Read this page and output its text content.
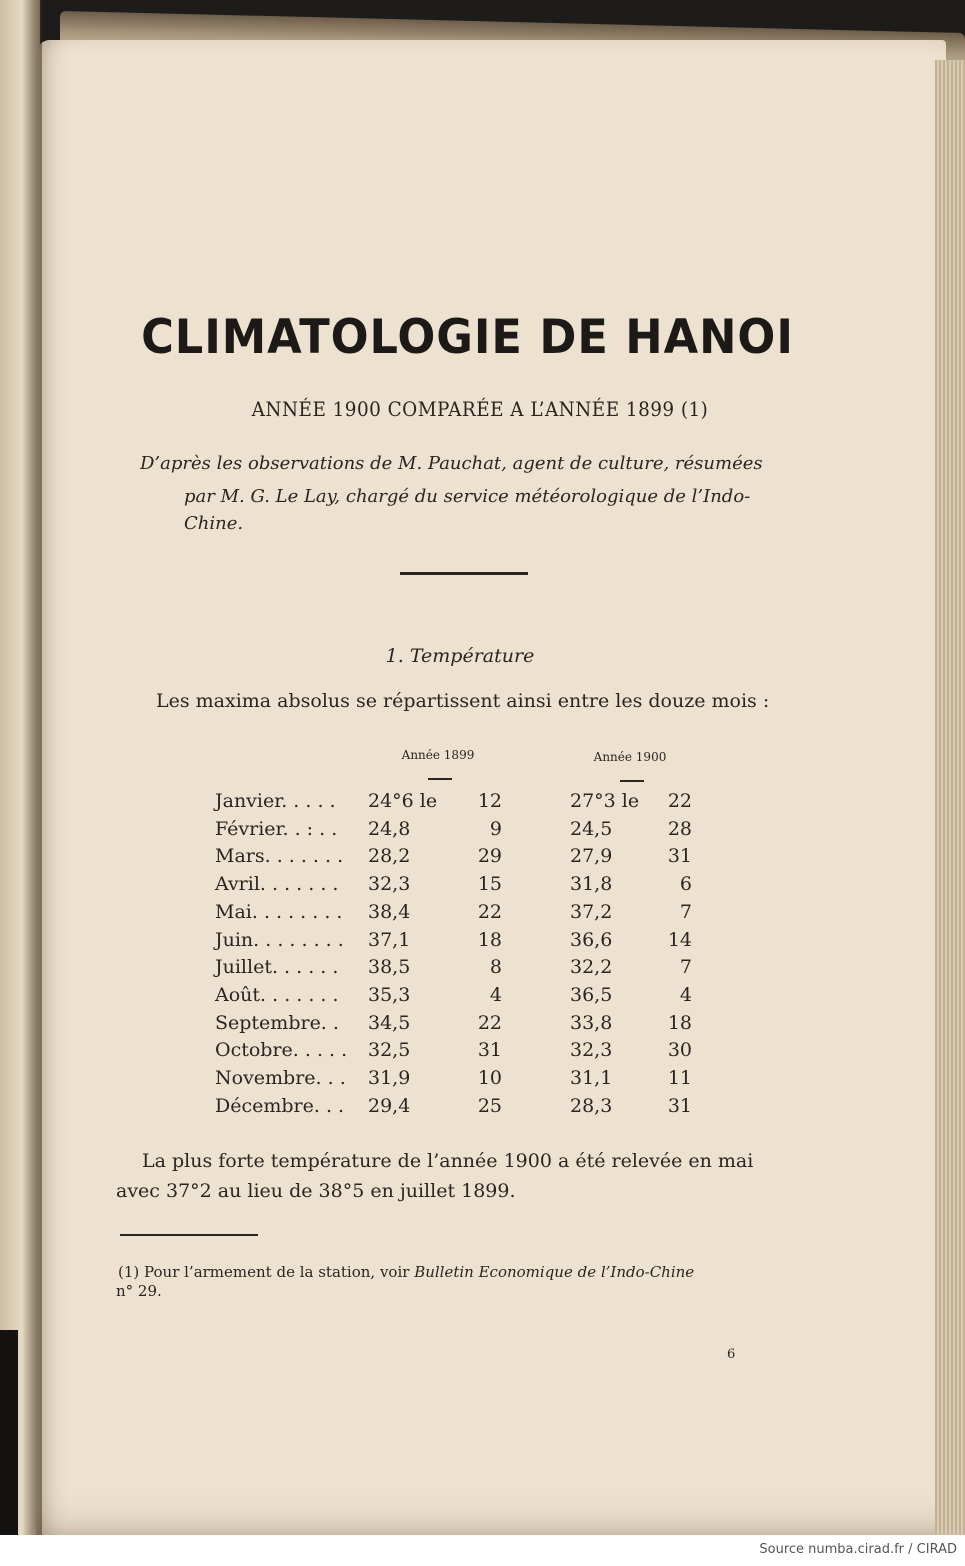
CLIMATOLOGIE DE HANOI
ANNÉE 1900 COMPARÉE A L’ANNÉE 1899 (1)
D’après les observations de M. Pauchat, agent de culture, résumées
par M. G. Le Lay, chargé du service météorologique de l’Indo-
Chine.
1. Température
Les maxima absolus se répartissent ainsi entre les douze mois :
Année 1899	Année 1900
Janvier. . . . .	24°6 le	12	27°3 le	22
Février. . : . .	24,8	9	24,5	28
Mars. . . . . . .	28,2	29	27,9	31
Avril. . . . . . .	32,3	15	31,8	6
Mai. . . . . . . .	38,4	22	37,2	7
Juin. . . . . . . .	37,1	18	36,6	14
Juillet. . . . . .	38,5	8	32,2	7
Août. . . . . . .	35,3	4	36,5	4
Septembre. .	34,5	22	33,8	18
Octobre. . . . . 32,5	31	32,3	30
Novembre. . . 31,9	10	31,1	11
Décembre. . .	29,4	25	28,3	31
La plus forte température de l’année 1900 a été relevée en mai
avec 37°2 au lieu de 38°5 en juillet 1899.
(1) Pour l’armement de la station, voir Bulletin Economique de l’Indo-Chine
n° 29.
6
Source numba.cirad.fr / CIRAD
